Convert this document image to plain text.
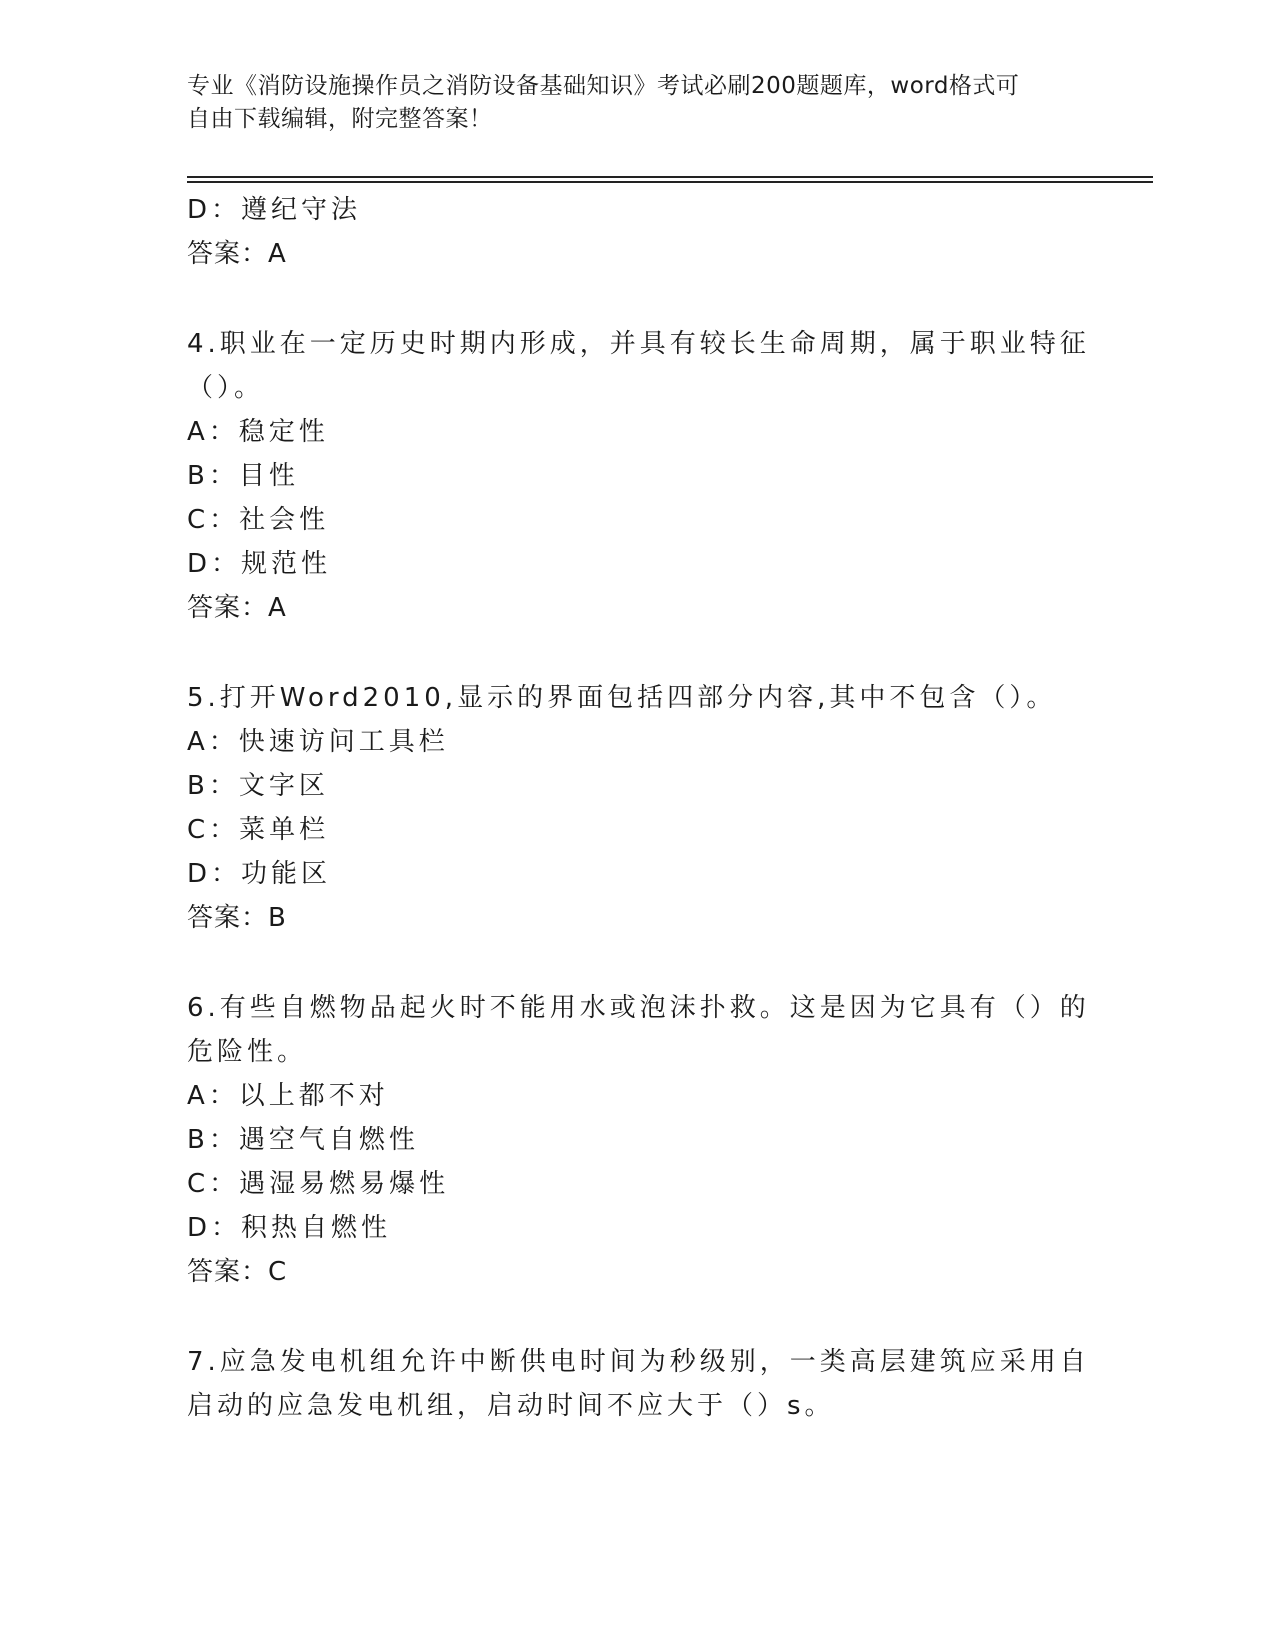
专业《消防设施操作员之消防设备基础知识》考试必刷200题题库，word格式可
自由下载编辑，附完整答案！
D：遵纪守法
答案：A
4.职业在一定历史时期内形成，并具有较长生命周期，属于职业特征
（）。
A：稳定性
B：目性
C：社会性
D：规范性
答案：A
5.打开Word2010,显示的界面包括四部分内容,其中不包含（）。
A：快速访问工具栏
B：文字区
C：菜单栏
D：功能区
答案：B
6.有些自燃物品起火时不能用水或泡沫扑救。这是因为它具有（）的
危险性。
A：以上都不对
B：遇空气自燃性
C：遇湿易燃易爆性
D：积热自燃性
答案：C
7.应急发电机组允许中断供电时间为秒级别，一类高层建筑应采用自
启动的应急发电机组，启动时间不应大于（）s。
